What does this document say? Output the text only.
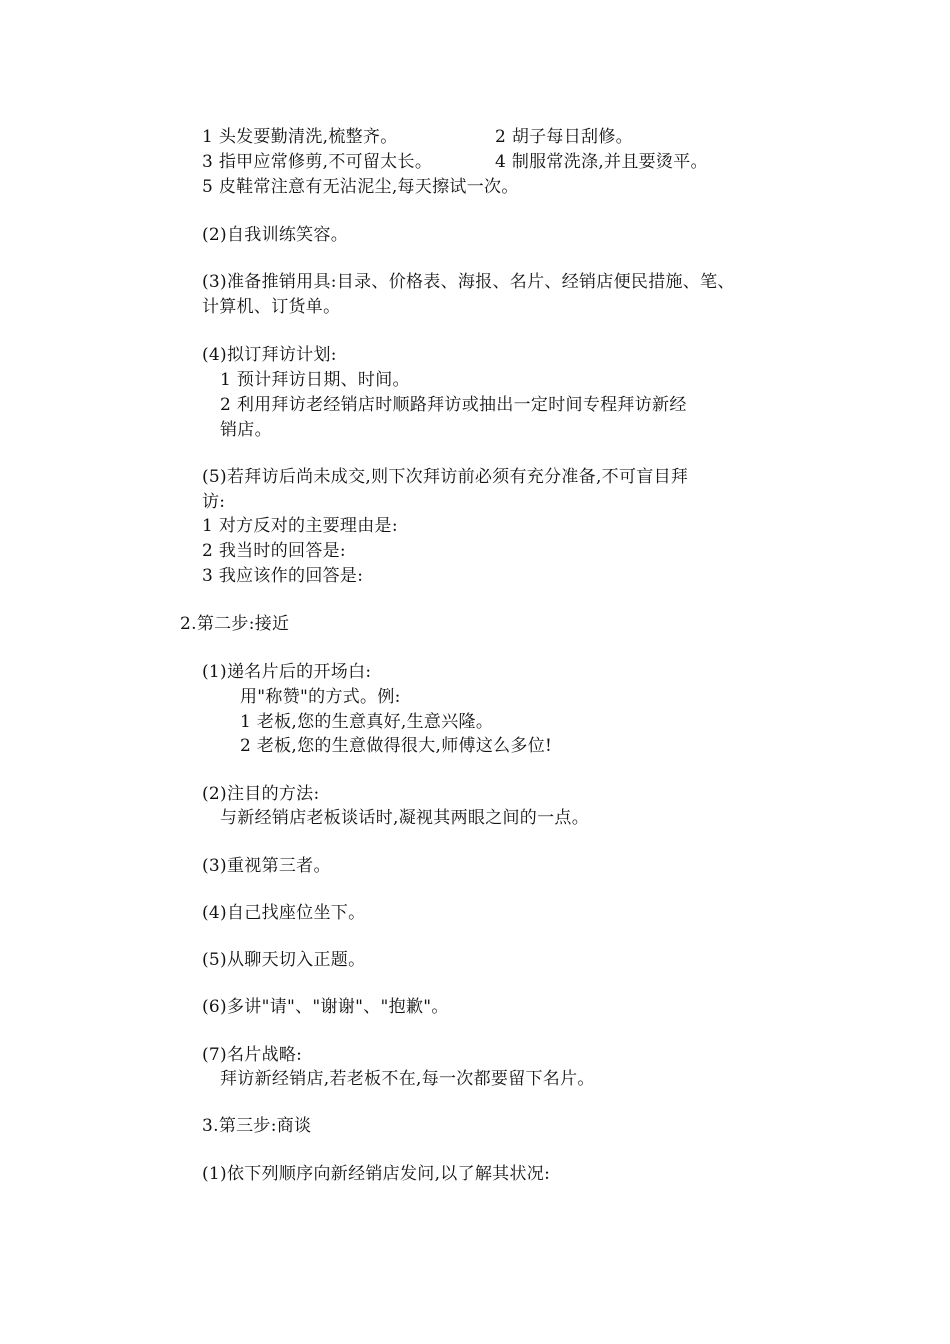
1 头发要勤清洗,梳整齐。	2 胡子每日刮修。
3 指甲应常修剪,不可留太长。	4 制服常洗涤,并且要烫平。
5 皮鞋常注意有无沾泥尘,每天擦试一次。
(2)自我训练笑容。
(3)准备推销用具:目录、价格表、海报、名片、经销店便民措施、笔、
计算机、订货单。
(4)拟订拜访计划:
1 预计拜访日期、时间。
2 利用拜访老经销店时顺路拜访或抽出一定时间专程拜访新经
销店。
(5)若拜访后尚未成交,则下次拜访前必须有充分准备,不可盲目拜
访:
1 对方反对的主要理由是:
2 我当时的回答是:
3 我应该作的回答是:
2.第二步:接近
(1)递名片后的开场白:
用"称赞"的方式。例:
1 老板,您的生意真好,生意兴隆。
2 老板,您的生意做得很大,师傅这么多位!
(2)注目的方法:
与新经销店老板谈话时,凝视其两眼之间的一点。
(3)重视第三者。
(4)自己找座位坐下。
(5)从聊天切入正题。
(6)多讲"请"、"谢谢"、"抱歉"。
(7)名片战略:
拜访新经销店,若老板不在,每一次都要留下名片。
3.第三步:商谈
(1)依下列顺序向新经销店发问,以了解其状况:
